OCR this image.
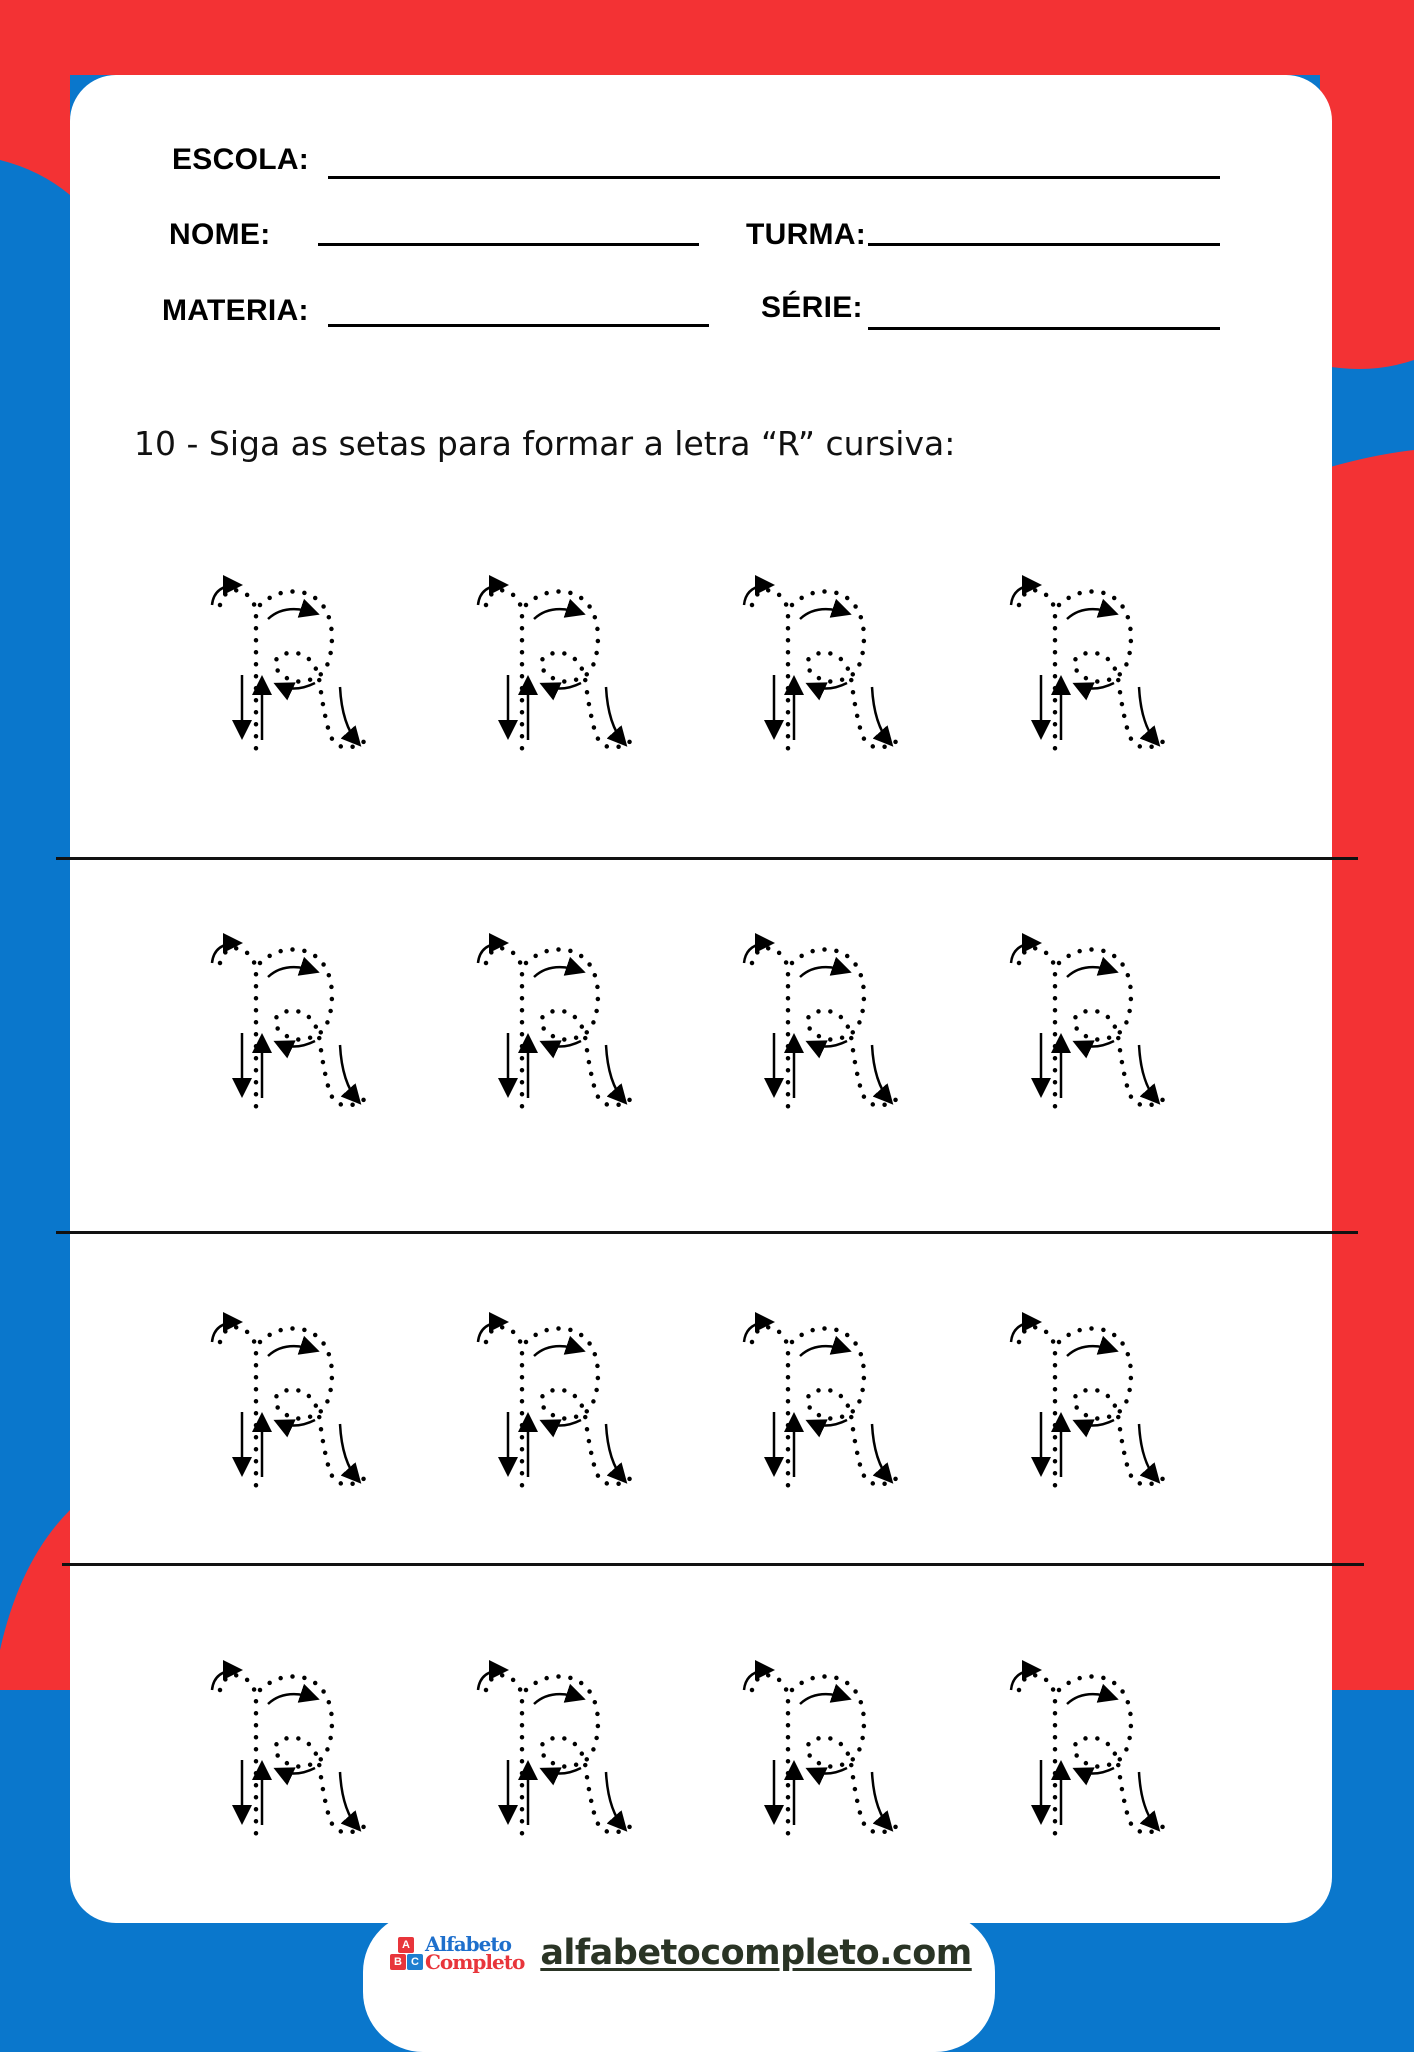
ESCOLA:
NOME:	TURMA:
MATERIA:	SÉRIE:
10 - Siga as setas para formar a letra “R” cursiva:
A
B C
Alfabeto
Completo alfabetocompleto.com
